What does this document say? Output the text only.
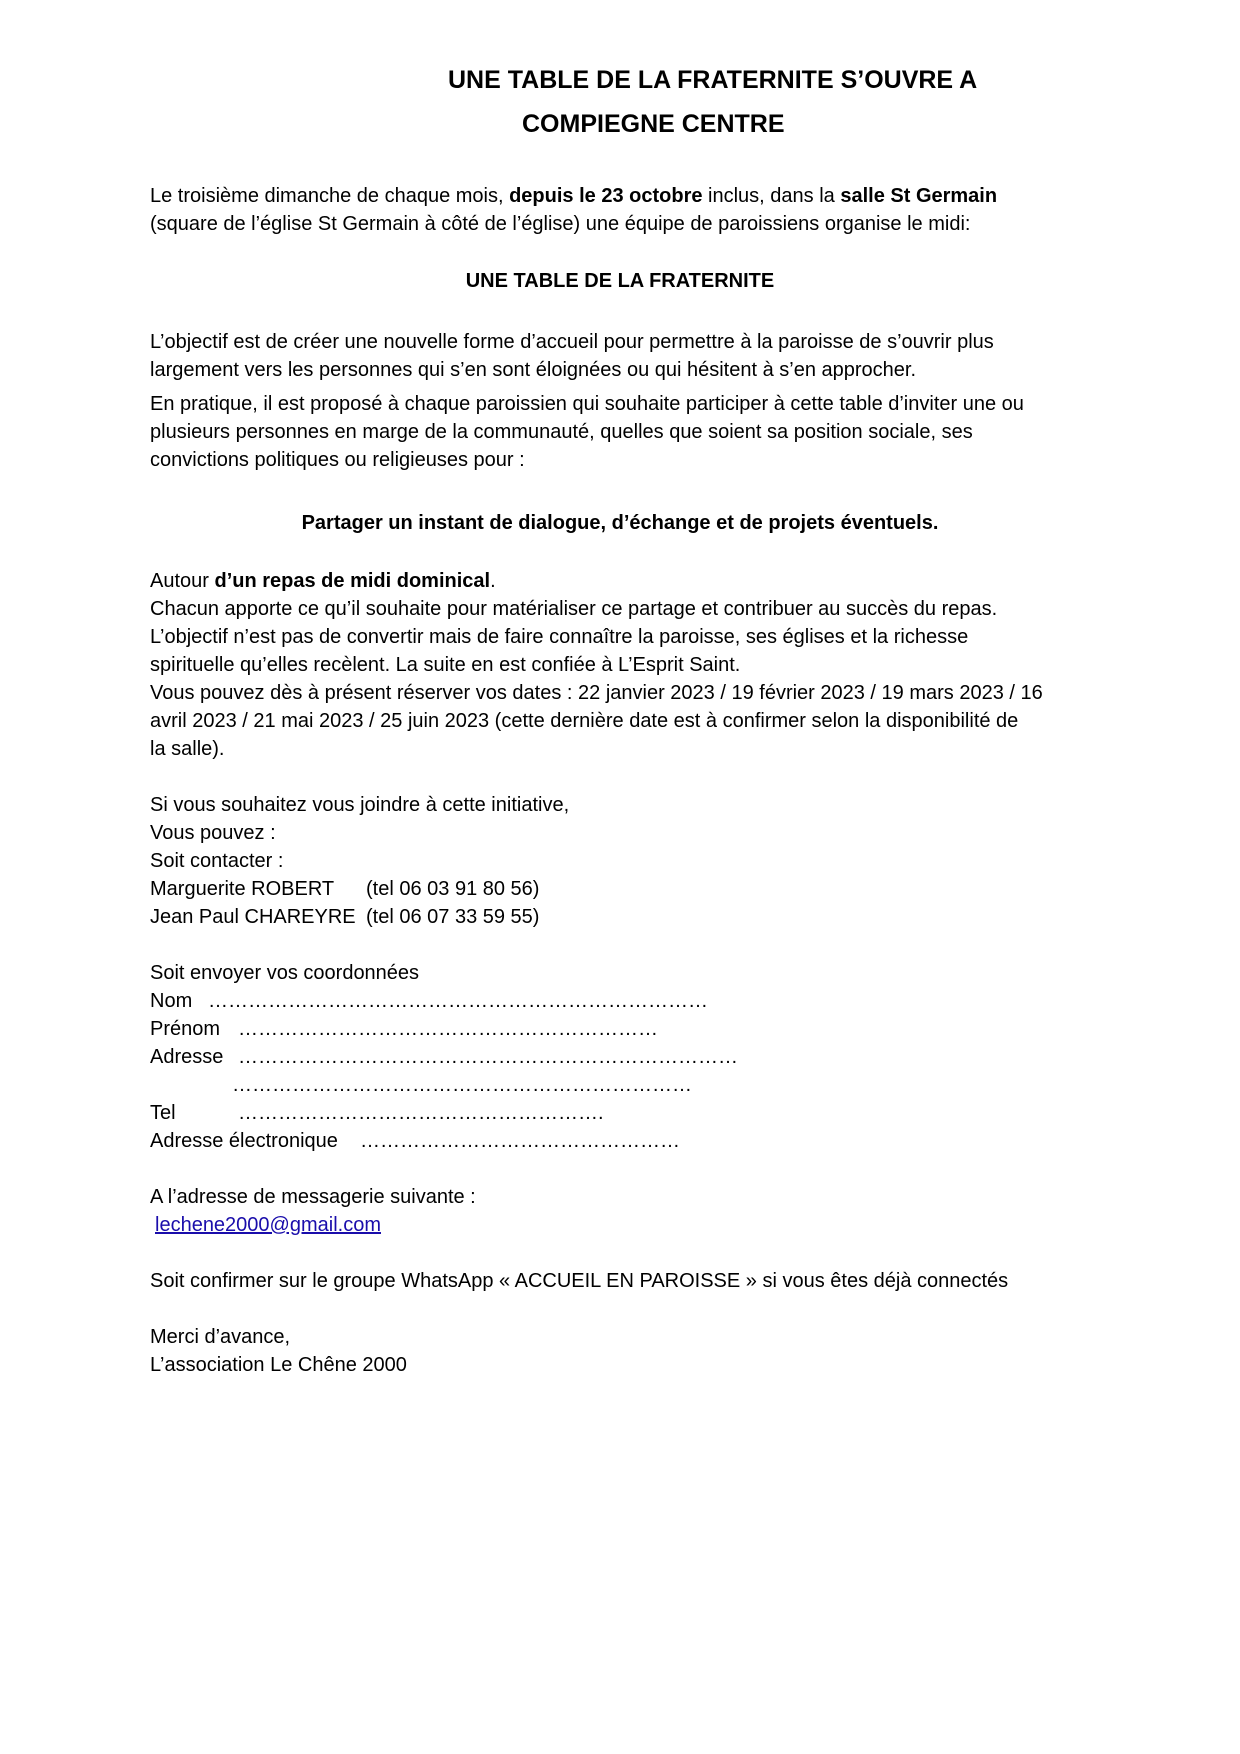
UNE TABLE DE LA FRATERNITE S’OUVRE A
COMPIEGNE CENTRE
Le troisième dimanche de chaque mois, depuis le 23 octobre inclus, dans la salle St Germain
(square de l’église St Germain à côté de l’église) une équipe de paroissiens organise le midi:
UNE TABLE DE LA FRATERNITE
L’objectif est de créer une nouvelle forme d’accueil pour permettre à la paroisse de s’ouvrir plus
largement vers les personnes qui s’en sont éloignées ou qui hésitent à s’en approcher.
En pratique, il est proposé à chaque paroissien qui souhaite participer à cette table d’inviter une ou
plusieurs personnes en marge de la communauté, quelles que soient sa position sociale, ses
convictions politiques ou religieuses pour :
Partager un instant de dialogue, d’échange et de projets éventuels.
Autour d’un repas de midi dominical.
Chacun apporte ce qu’il souhaite pour matérialiser ce partage et contribuer au succès du repas.
L’objectif n’est pas de convertir mais de faire connaître la paroisse, ses églises et la richesse
spirituelle qu’elles recèlent. La suite en est confiée à L’Esprit Saint.
Vous pouvez dès à présent réserver vos dates : 22 janvier 2023 / 19 février 2023 / 19 mars 2023 / 16
avril 2023 / 21 mai 2023 / 25 juin 2023 (cette dernière date est à confirmer selon la disponibilité de
la salle).
Si vous souhaitez vous joindre à cette initiative,
Vous pouvez :
Soit contacter :
Marguerite ROBERT (tel 06 03 91 80 56)
Jean Paul CHAREYRE (tel 06 07 33 59 55)
Soit envoyer vos coordonnées
Nom …………………………………………………………………
Prénom ………………………………………………………
Adresse …………………………………………………………………
……………………………………………………………
Tel	……………………………………………….
Adresse électronique …………………………………………
A l’adresse de messagerie suivante :
lechene2000@gmail.com
Soit confirmer sur le groupe WhatsApp « ACCUEIL EN PAROISSE » si vous êtes déjà connectés
Merci d’avance,
L’association Le Chêne 2000
